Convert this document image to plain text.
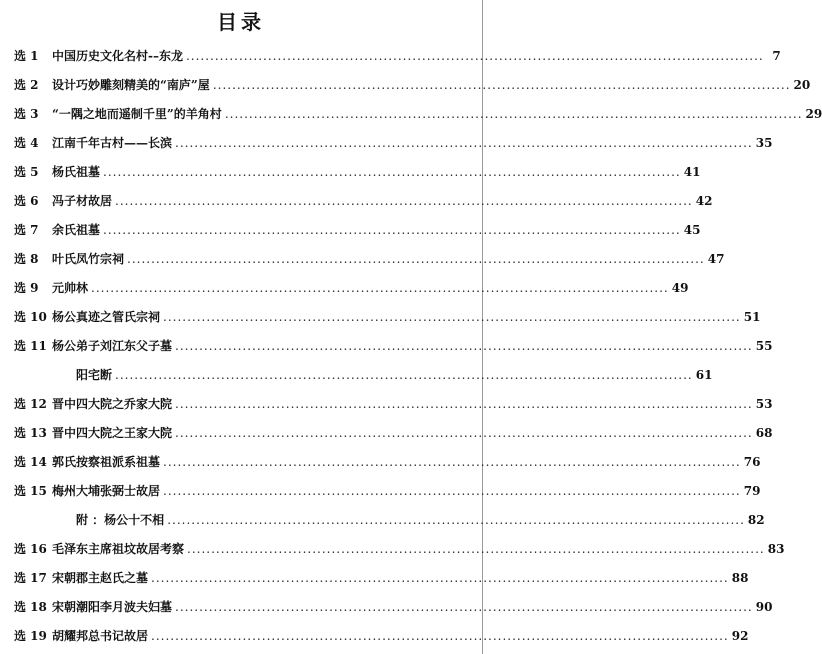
目录
选 1	中国历史文化名村-–东龙 ........................................................................................................................ 7
选 2	设计巧妙雕刻精美的“南庐”屋 ........................................................................................................................ 20
选 3	“一隅之地而遥制千里”的羊角村 ........................................................................................................................ 29
选 4	江南千年古村——长滨 ........................................................................................................................ 35
选 5	杨氏祖墓 ........................................................................................................................ 41
选 6	冯子材故居 ........................................................................................................................ 42
选 7	余氏祖墓 ........................................................................................................................ 45
选 8	叶氏凤竹宗祠 ........................................................................................................................ 47
选 9	元帅林 ........................................................................................................................ 49
选 10 杨公真迹之管氏宗祠 ........................................................................................................................ 51
选 11 杨公弟子刘江东父子墓 ........................................................................................................................ 55
阳宅断 ........................................................................................................................ 61
选 12 晋中四大院之乔家大院 ........................................................................................................................ 53
选 13 晋中四大院之王家大院 ........................................................................................................................ 68
选 14 郭氏按察祖派系祖墓 ........................................................................................................................ 76
选 15 梅州大埔张弼士故居 ........................................................................................................................ 79
附 ：杨公十不相 ........................................................................................................................ 82
选 16 毛泽东主席祖坟故居考察 ........................................................................................................................ 83
选 17 宋朝郡主赵氏之墓 ........................................................................................................................ 88
选 18 宋朝潮阳李月波夫妇墓 ........................................................................................................................ 90
选 19 胡耀邦总书记故居 ........................................................................................................................ 92
